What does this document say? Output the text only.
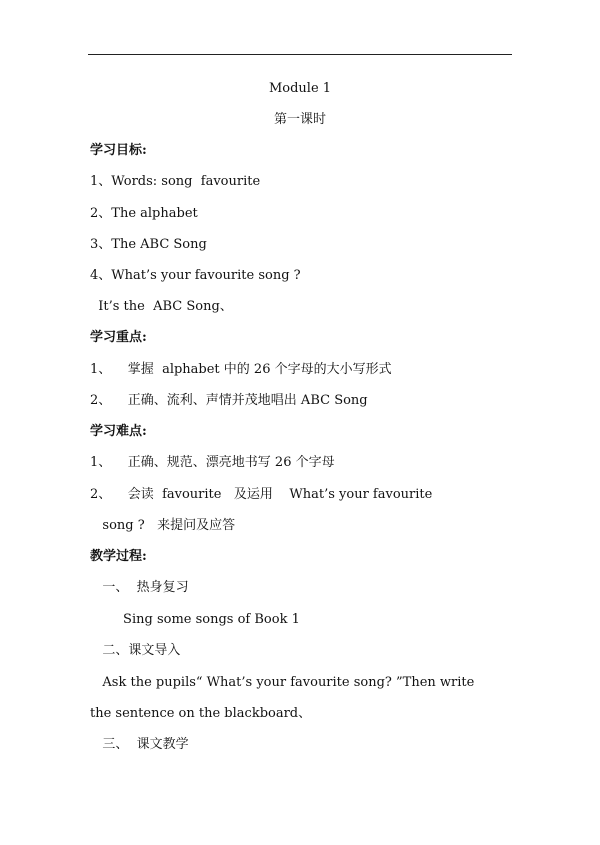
Module 1
第一课时
学习目标:
1、Words: song  favourite
2、The alphabet
3、The ABC Song
4、What’s your favourite song ?
It’s the  ABC Song、
学习重点:
1、    掌握  alphabet 中的 26 个字母的大小写形式
2、    正确、流利、声情并茂地唱出 ABC Song
学习难点:
1、    正确、规范、漂亮地书写 26 个字母
2、    会读  favourite   及运用    What’s your favourite
song ?   来提问及应答
教学过程:
一、  热身复习
Sing some songs of Book 1
二、课文导入
Ask the pupils“ What’s your favourite song? ”Then write
the sentence on the blackboard、
三、  课文教学
